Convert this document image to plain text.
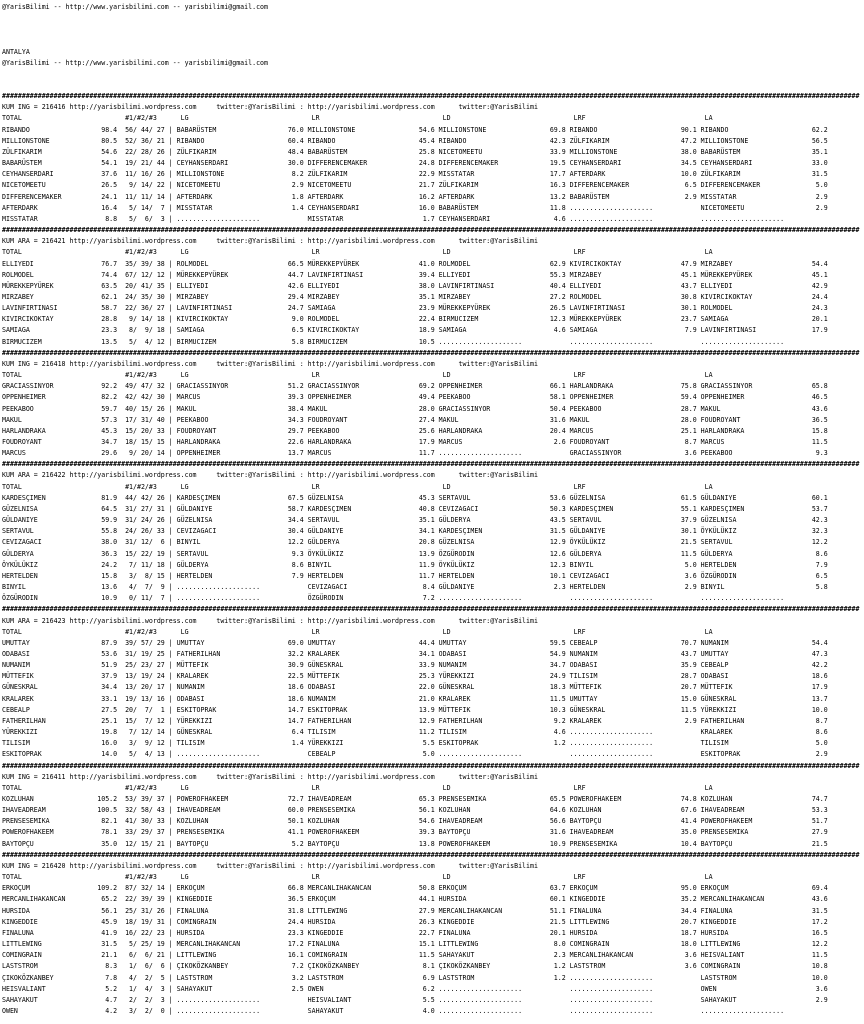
@YarisBilimi -- http://www.yarisbilimi.com -- yarisbilimi@gmail.com
ANTALYA
@YarisBilimi -- http://www.yarisbilimi.com -- yarisbilimi@gmail.com
########################################################################################################################################################################################################################
KUM ING = 216416 http://yarisbilimi.wordpress.com     twitter:@YarisBilimi : http://yarisbilimi.wordpress.com      twitter:@YarisBilimi
TOTAL                          #1/#2/#3      LG                               LR                               LD                               LRF                              LA
RIBANDO                  98.4  56/ 44/ 27 | BABARÜSTEM                  76.0 MILLIONSTONE                54.6 MILLIONSTONE                69.8 RIBANDO                     90.1 RIBANDO                     62.2
MILLIONSTONE             80.5  52/ 36/ 21 | RIBANDO                     60.4 RIBANDO                     45.4 RIBANDO                     42.3 ZÜLFIKARIM                  47.2 MILLIONSTONE                56.5
ZÜLFIKARIM               54.6  22/ 28/ 26 | ZÜLFIKARIM                  48.4 BABARÜSTEM                  25.8 NICETOMEETU                 33.9 MILLIONSTONE                38.0 BABARÜSTEM                  35.1
BABARÜSTEM               54.1  19/ 21/ 44 | CEYHANSERDARI               30.0 DIFFERENCEMAKER             24.8 DIFFERENCEMAKER             19.5 CEYHANSERDARI               34.5 CEYHANSERDARI               33.0
CEYHANSERDARI            37.6  11/ 16/ 26 | MILLIONSTONE                 8.2 ZÜLFIKARIM                  22.9 MISSTATAR                   17.7 AFTERDARK                   10.0 ZÜLFIKARIM                  31.5
NICETOMEETU              26.5   9/ 14/ 22 | NICETOMEETU                  2.9 NICETOMEETU                 21.7 ZÜLFIKARIM                  16.3 DIFFERENCEMAKER              6.5 DIFFERENCEMAKER              5.0
DIFFERENCEMAKER          24.1  11/ 11/ 14 | AFTERDARK                    1.8 AFTERDARK                   16.2 AFTERDARK                   13.2 BABARÜSTEM                   2.9 MISSTATAR                    2.9
AFTERDARK                16.4   5/ 14/  7 | MISSTATAR                    1.4 CEYHANSERDARI               16.0 BABARÜSTEM                  11.8 .....................            NICETOMEETU                  2.9
MISSTATAR                 8.8   5/  6/  3 | .....................            MISSTATAR                    1.7 CEYHANSERDARI                4.6 .....................            .....................
########################################################################################################################################################################################################################
KUM ARA = 216421 http://yarisbilimi.wordpress.com     twitter:@YarisBilimi : http://yarisbilimi.wordpress.com      twitter:@YarisBilimi
TOTAL                          #1/#2/#3      LG                               LR                               LD                               LRF                              LA
ELLIYEDI                 76.7  35/ 39/ 38 | ROLMODEL                    66.5 MÜREKKEPYÜREK               41.0 ROLMODEL                    62.9 KIVIRCIKOKTAY               47.9 MIRZABEY                    54.4
ROLMODEL                 74.4  67/ 12/ 12 | MÜREKKEPYÜREK               44.7 LAVINFIRTINASI              39.4 ELLIYEDI                    55.3 MIRZABEY                    45.1 MÜREKKEPYÜREK               45.1
MÜREKKEPYÜREK            63.5  20/ 41/ 35 | ELLIYEDI                    42.6 ELLIYEDI                    38.0 LAVINFIRTINASI              40.4 ELLIYEDI                    43.7 ELLIYEDI                    42.9
MIRZABEY                 62.1  24/ 35/ 30 | MIRZABEY                    29.4 MIRZABEY                    35.1 MIRZABEY                    27.2 ROLMODEL                    30.8 KIVIRCIKOKTAY               24.4
LAVINFIRTINASI           58.7  22/ 36/ 27 | LAVINFIRTINASI              24.7 SAMIAGA                     23.9 MÜREKKEPYÜREK               26.5 LAVINFIRTINASI              30.1 ROLMODEL                    24.3
KIVIRCIKOKTAY            28.8   9/ 14/ 18 | KIVIRCIKOKTAY                9.0 ROLMODEL                    22.4 BIRMUCIZEM                  12.3 MÜREKKEPYÜREK               23.7 SAMIAGA                     20.1
SAMIAGA                  23.3   8/  9/ 18 | SAMIAGA                      6.5 KIVIRCIKOKTAY               18.9 SAMIAGA                      4.6 SAMIAGA                      7.9 LAVINFIRTINASI              17.9
BIRMUCIZEM               13.5   5/  4/ 12 | BIRMUCIZEM                   5.8 BIRMUCIZEM                  10.5 .....................            .....................            .....................
########################################################################################################################################################################################################################
KUM ING = 216418 http://yarisbilimi.wordpress.com     twitter:@YarisBilimi : http://yarisbilimi.wordpress.com      twitter:@YarisBilimi
TOTAL                          #1/#2/#3      LG                               LR                               LD                               LRF                              LA
GRACIASSINYOR            92.2  49/ 47/ 32 | GRACIASSINYOR               51.2 GRACIASSINYOR               69.2 OPPENHEIMER                 66.1 HARLANDRAKA                 75.8 GRACIASSINYOR               65.8
OPPENHEIMER              82.2  42/ 42/ 30 | MARCUS                      39.3 OPPENHEIMER                 49.4 PEEKABOO                    58.1 OPPENHEIMER                 59.4 OPPENHEIMER                 46.5
PEEKABOO                 59.7  40/ 15/ 26 | MAKUL                       38.4 MAKUL                       28.0 GRACIASSINYOR               50.4 PEEKABOO                    28.7 MAKUL                       43.6
MAKUL                    57.3  17/ 31/ 40 | PEEKABOO                    34.3 FOUDROYANT                  27.4 MAKUL                       31.6 MAKUL                       28.0 FOUDROYANT                  36.5
HARLANDRAKA              45.3  15/ 20/ 33 | FOUDROYANT                  29.7 PEEKABOO                    25.6 HARLANDRAKA                 20.4 MARCUS                      25.1 HARLANDRAKA                 15.8
FOUDROYANT               34.7  18/ 15/ 15 | HARLANDRAKA                 22.6 HARLANDRAKA                 17.9 MARCUS                       2.6 FOUDROYANT                   8.7 MARCUS                      11.5
MARCUS                   29.6   9/ 20/ 14 | OPPENHEIMER                 13.7 MARCUS                      11.7 .....................            GRACIASSINYOR                3.6 PEEKABOO                     9.3
########################################################################################################################################################################################################################
KUM ARA = 216422 http://yarisbilimi.wordpress.com     twitter:@YarisBilimi : http://yarisbilimi.wordpress.com      twitter:@YarisBilimi
TOTAL                          #1/#2/#3      LG                               LR                               LD                               LRF                              LA
KARDESÇIMEN              81.9  44/ 42/ 26 | KARDESÇIMEN                 67.5 GÜZELNISA                   45.3 SERTAVUL                    53.6 GÜZELNISA                   61.5 GÜLDANIYE                   60.1
GÜZELNISA                64.5  31/ 27/ 31 | GÜLDANIYE                   58.7 KARDESÇIMEN                 40.8 CEVIZAGACI                  50.3 KARDESÇIMEN                 55.1 KARDESÇIMEN                 53.7
GÜLDANIYE                59.9  31/ 24/ 26 | GÜZELNISA                   34.4 SERTAVUL                    35.1 GÜLDERYA                    43.5 SERTAVUL                    37.9 GÜZELNISA                   42.3
SERTAVUL                 55.8  24/ 26/ 33 | CEVIZAGACI                  30.4 GÜLDANIYE                   34.1 KARDESÇIMEN                 31.5 GÜLDANIYE                   30.1 ÖYKÜLÜKIZ                   32.3
CEVIZAGACI               38.0  31/ 12/  6 | BINYIL                      12.2 GÜLDERYA                    20.8 GÜZELNISA                   12.9 ÖYKÜLÜKIZ                   21.5 SERTAVUL                    12.2
GÜLDERYA                 36.3  15/ 22/ 19 | SERTAVUL                     9.3 ÖYKÜLÜKIZ                   13.9 ÖZGÜRODIN                   12.6 GÜLDERYA                    11.5 GÜLDERYA                     8.6
ÖYKÜLÜKIZ                24.2   7/ 11/ 18 | GÜLDERYA                     8.6 BINYIL                      11.9 ÖYKÜLÜKIZ                   12.3 BINYIL                       5.0 HERTELDEN                    7.9
HERTELDEN                15.8   3/  8/ 15 | HERTELDEN                    7.9 HERTELDEN                   11.7 HERTELDEN                   10.1 CEVIZAGACI                   3.6 ÖZGÜRODIN                    6.5
BINYIL                   13.6   4/  7/  9 | .....................            CEVIZAGACI                   8.4 GÜLDANIYE                    2.3 HERTELDEN                    2.9 BINYIL                       5.8
ÖZGÜRODIN                10.9   0/ 11/  7 | .....................            ÖZGÜRODIN                    7.2 .....................            .....................            .....................
########################################################################################################################################################################################################################
KUM ARA = 216423 http://yarisbilimi.wordpress.com     twitter:@YarisBilimi : http://yarisbilimi.wordpress.com      twitter:@YarisBilimi
TOTAL                          #1/#2/#3      LG                               LR                               LD                               LRF                              LA
UMUTTAY                  87.9  39/ 57/ 29 | UMUTTAY                     69.0 UMUTTAY                     44.4 UMUTTAY                     59.5 CEBEALP                     70.7 NUMANIM                     54.4
ODABASI                  53.6  31/ 19/ 25 | FATHERILHAN                 32.2 KRALAREK                    34.1 ODABASI                     54.9 NUMANIM                     43.7 UMUTTAY                     47.3
NUMANIM                  51.9  25/ 23/ 27 | MÜTTEFIK                    30.9 GÜNESKRAL                   33.9 NUMANIM                     34.7 ODABASI                     35.9 CEBEALP                     42.2
MÜTTEFIK                 37.9  13/ 19/ 24 | KRALAREK                    22.5 MÜTTEFIK                    25.3 YÜREKKIZI                   24.9 TILISIM                     28.7 ODABASI                     18.6
GÜNESKRAL                34.4  13/ 20/ 17 | NUMANIM                     18.6 ODABASI                     22.0 GÜNESKRAL                   18.3 MÜTTEFIK                    20.7 MÜTTEFIK                    17.9
KRALAREK                 33.1  19/ 13/ 16 | ODABASI                     18.6 NUMANIM                     21.0 KRALAREK                    11.5 UMUTTAY                     15.0 GÜNESKRAL                   13.7
CEBEALP                  27.5  20/  7/  1 | ESKITOPRAK                  14.7 ESKITOPRAK                  13.9 MÜTTEFIK                    10.3 GÜNESKRAL                   11.5 YÜREKKIZI                   10.0
FATHERILHAN              25.1  15/  7/ 12 | YÜREKKIZI                   14.7 FATHERILHAN                 12.9 FATHERILHAN                  9.2 KRALAREK                     2.9 FATHERILHAN                  8.7
YÜREKKIZI                19.8   7/ 12/ 14 | GÜNESKRAL                    6.4 TILISIM                     11.2 TILISIM                      4.6 .....................            KRALAREK                     8.6
TILISIM                  16.0   3/  9/ 12 | TILISIM                      1.4 YÜREKKIZI                    5.5 ESKITOPRAK                   1.2 .....................            TILISIM                      5.0
ESKITOPRAK               14.0   5/  4/ 13 | .....................            CEBEALP                      5.0 .....................            .....................            ESKITOPRAK                   2.9
########################################################################################################################################################################################################################
KUM ING = 216411 http://yarisbilimi.wordpress.com     twitter:@YarisBilimi : http://yarisbilimi.wordpress.com      twitter:@YarisBilimi
TOTAL                          #1/#2/#3      LG                               LR                               LD                               LRF                              LA
KOZLUHAN                105.2  53/ 39/ 37 | POWEROFHAKEEM               72.7 IHAVEADREAM                 65.3 PRENSESEMIKA                65.5 POWEROFHAKEEM               74.8 KOZLUHAN                    74.7
IHAVEADREAM             100.5  32/ 58/ 43 | IHAVEADREAM                 60.0 PRENSESEMIKA                56.1 KOZLUHAN                    64.6 KOZLUHAN                    67.6 IHAVEADREAM                 53.3
PRENSESEMIKA             82.1  41/ 30/ 33 | KOZLUHAN                    50.1 KOZLUHAN                    54.6 IHAVEADREAM                 56.6 BAYTOPÇU                    41.4 POWEROFHAKEEM               51.7
POWEROFHAKEEM            78.1  33/ 29/ 37 | PRENSESEMIKA                41.1 POWEROFHAKEEM               39.3 BAYTOPÇU                    31.6 IHAVEADREAM                 35.0 PRENSESEMIKA                27.9
BAYTOPÇU                 35.0  12/ 15/ 21 | BAYTOPÇU                     5.2 BAYTOPÇU                    13.8 POWEROFHAKEEM               10.9 PRENSESEMIKA                10.4 BAYTOPÇU                    21.5
########################################################################################################################################################################################################################
KUM ING = 216420 http://yarisbilimi.wordpress.com     twitter:@YarisBilimi : http://yarisbilimi.wordpress.com      twitter:@YarisBilimi
TOTAL                          #1/#2/#3      LG                               LR                               LD                               LRF                              LA
ERKOÇUM                 109.2  87/ 32/ 14 | ERKOÇUM                     66.8 MERCANLIHAKANCAN            50.8 ERKOÇUM                     63.7 ERKOÇUM                     95.0 ERKOÇUM                     69.4
MERCANLIHAKANCAN         65.2  22/ 39/ 39 | KINGEDDIE                   36.5 ERKOÇUM                     44.1 HURSIDA                     60.1 KINGEDDIE                   35.2 MERCANLIHAKANCAN            43.6
HURSIDA                  56.1  25/ 31/ 26 | FINALUNA                    31.8 LITTLEWING                  27.9 MERCANLIHAKANCAN            51.1 FINALUNA                    34.4 FINALUNA                    31.5
KINGEDDIE                45.9  18/ 19/ 31 | COMINGRAIN                  24.4 HURSIDA                     26.3 KINGEDDIE                   21.5 LITTLEWING                  20.7 KINGEDDIE                   17.2
FINALUNA                 41.9  16/ 22/ 23 | HURSIDA                     23.3 KINGEDDIE                   22.7 FINALUNA                    20.1 HURSIDA                     18.7 HURSIDA                     16.5
LITTLEWING               31.5   5/ 25/ 19 | MERCANLIHAKANCAN            17.2 FINALUNA                    15.1 LITTLEWING                   8.0 COMINGRAIN                  18.0 LITTLEWING                  12.2
COMINGRAIN               21.1   6/  6/ 21 | LITTLEWING                  16.1 COMINGRAIN                  11.5 SAHAYAKUT                    2.3 MERCANLIHAKANCAN             3.6 HEISVALIANT                 11.5
LASTSTROM                 8.3   1/  6/  6 | ÇIKOKÖZKANBEY                7.2 ÇIKOKÖZKANBEY                8.1 ÇIKOKÖZKANBEY                1.2 LASTSTROM                    3.6 COMINGRAIN                  10.8
ÇIKOKÖZKANBEY             7.8   4/  2/  5 | LASTSTROM                    3.2 LASTSTROM                    6.9 LASTSTROM                    1.2 .....................            LASTSTROM                   10.0
HEISVALIANT               5.2   1/  4/  3 | SAHAYAKUT                    2.5 OWEN                         6.2 .....................            .....................            OWEN                         3.6
SAHAYAKUT                 4.7   2/  2/  3 | .....................            HEISVALIANT                  5.5 .....................            .....................            SAHAYAKUT                    2.9
OWEN                      4.2   3/  2/  0 | .....................            SAHAYAKUT                    4.0 .....................            .....................            .....................
